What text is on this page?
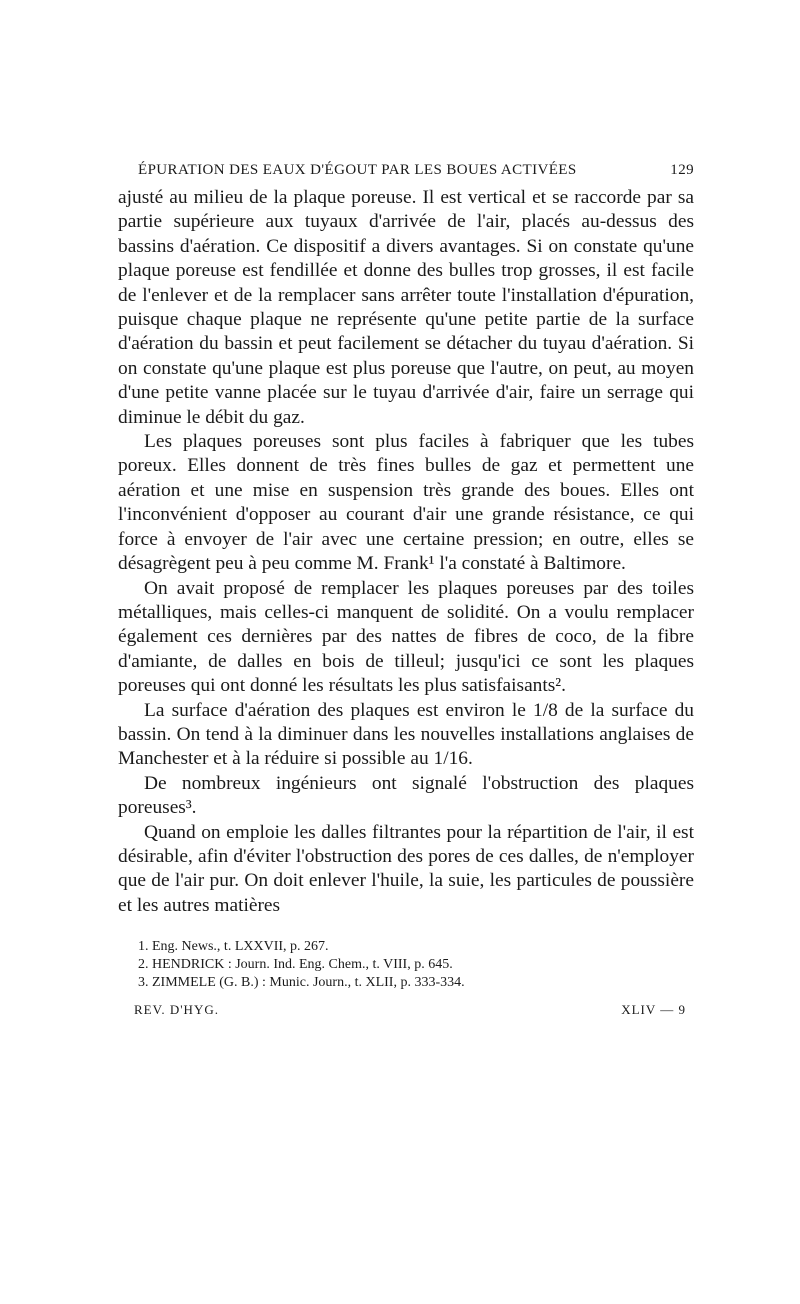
ÉPURATION DES EAUX D'ÉGOUT PAR LES BOUES ACTIVÉES	129

ajusté au milieu de la plaque poreuse. Il est vertical et se raccorde par sa partie supérieure aux tuyaux d'arrivée de l'air, placés au-dessus des bassins d'aération. Ce dispositif a divers avantages. Si on constate qu'une plaque poreuse est fendillée et donne des bulles trop grosses, il est facile de l'enlever et de la remplacer sans arrêter toute l'installation d'épuration, puisque chaque plaque ne représente qu'une petite partie de la surface d'aération du bassin et peut facilement se détacher du tuyau d'aération. Si on constate qu'une plaque est plus poreuse que l'autre, on peut, au moyen d'une petite vanne placée sur le tuyau d'arrivée d'air, faire un serrage qui diminue le débit du gaz.

Les plaques poreuses sont plus faciles à fabriquer que les tubes poreux. Elles donnent de très fines bulles de gaz et permettent une aération et une mise en suspension très grande des boues. Elles ont l'inconvénient d'opposer au courant d'air une grande résistance, ce qui force à envoyer de l'air avec une certaine pression; en outre, elles se désagrègent peu à peu comme M. Frank¹ l'a constaté à Baltimore.

On avait proposé de remplacer les plaques poreuses par des toiles métalliques, mais celles-ci manquent de solidité. On a voulu remplacer également ces dernières par des nattes de fibres de coco, de la fibre d'amiante, de dalles en bois de tilleul; jusqu'ici ce sont les plaques poreuses qui ont donné les résultats les plus satisfaisants².

La surface d'aération des plaques est environ le 1/8 de la surface du bassin. On tend à la diminuer dans les nouvelles installations anglaises de Manchester et à la réduire si possible au 1/16.

De nombreux ingénieurs ont signalé l'obstruction des plaques poreuses³.

Quand on emploie les dalles filtrantes pour la répartition de l'air, il est désirable, afin d'éviter l'obstruction des pores de ces dalles, de n'employer que de l'air pur. On doit enlever l'huile, la suie, les particules de poussière et les autres matières

1. Eng. News., t. LXXVII, p. 267.
2. HENDRICK : Journ. Ind. Eng. Chem., t. VIII, p. 645.
3. ZIMMELE (G. B.) : Munic. Journ., t. XLII, p. 333-334.
REV. D'HYG.	XLIV — 9
